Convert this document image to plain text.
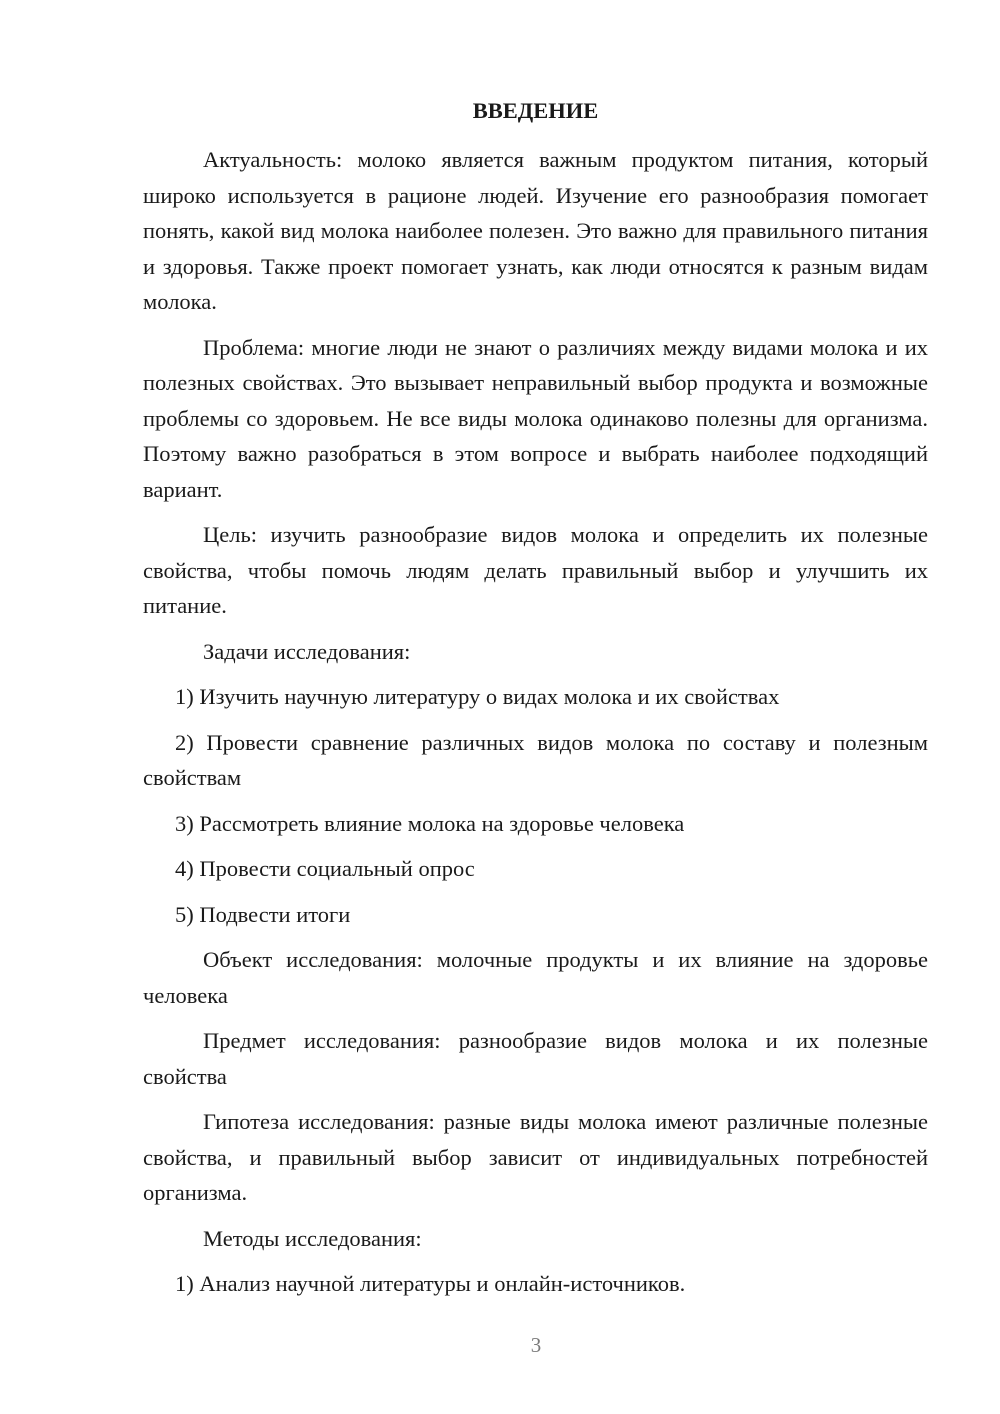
ВВЕДЕНИЕ

Актуальность: молоко является важным продуктом питания, который широко используется в рационе людей. Изучение его разнообразия помогает понять, какой вид молока наиболее полезен. Это важно для правильного питания и здоровья. Также проект помогает узнать, как люди относятся к разным видам молока.

Проблема: многие люди не знают о различиях между видами молока и их полезных свойствах. Это вызывает неправильный выбор продукта и возможные проблемы со здоровьем. Не все виды молока одинаково полезны для организма. Поэтому важно разобраться в этом вопросе и выбрать наиболее подходящий вариант.

Цель: изучить разнообразие видов молока и определить их полезные свойства, чтобы помочь людям делать правильный выбор и улучшить их питание.

Задачи исследования:

1) Изучить научную литературу о видах молока и их свойствах

2) Провести сравнение различных видов молока по составу и полезным свойствам

3) Рассмотреть влияние молока на здоровье человека

4) Провести социальный опрос

5) Подвести итоги

Объект исследования: молочные продукты и их влияние на здоровье человека

Предмет исследования: разнообразие видов молока и их полезные свойства

Гипотеза исследования: разные виды молока имеют различные полезные свойства, и правильный выбор зависит от индивидуальных потребностей организма.

Методы исследования:

1) Анализ научной литературы и онлайн-источников.

3
